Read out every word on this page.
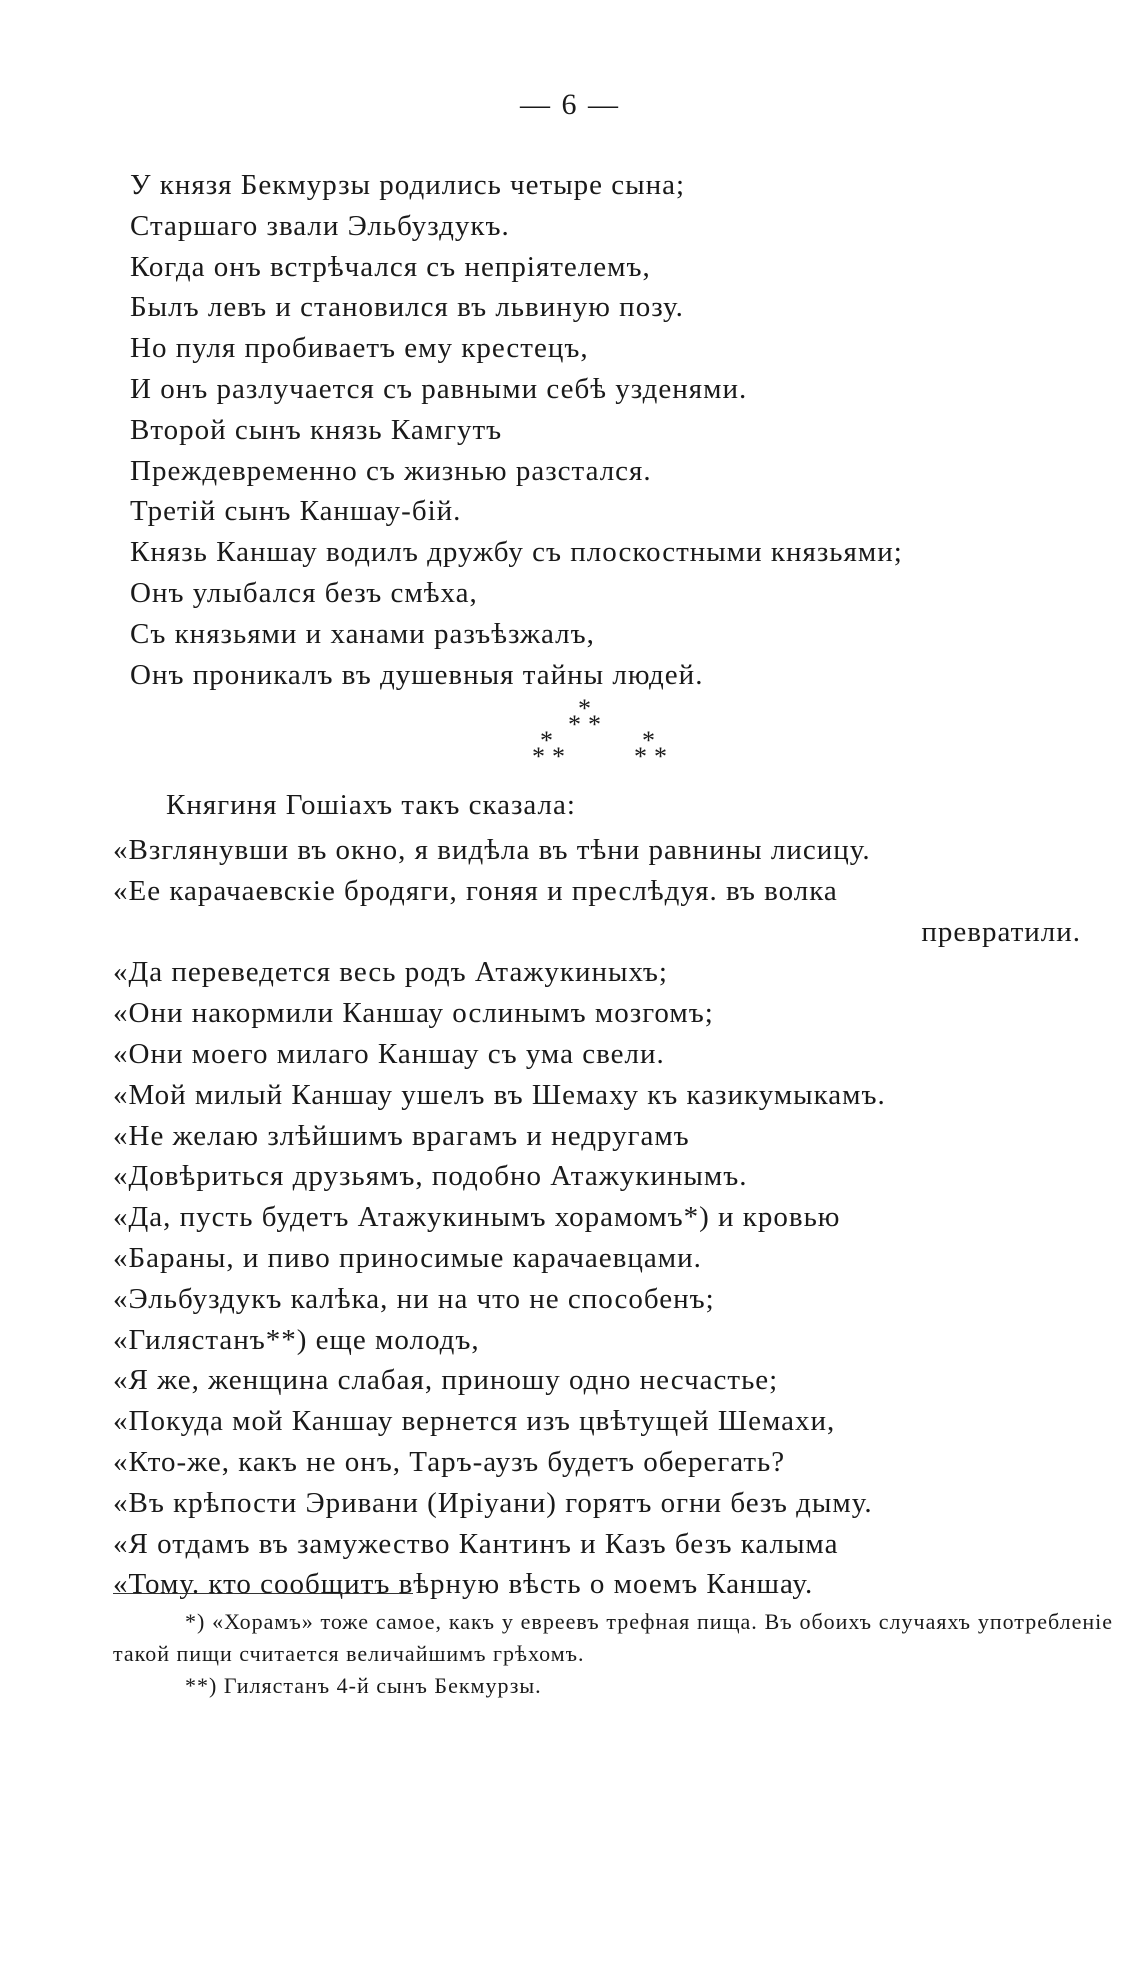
— 6 —
У князя Бекмурзы родились четыре сына;
Старшаго звали Эльбуздукъ.
Когда онъ встрѣчался съ непріятелемъ,
Былъ левъ и становился въ львиную позу.
Но пуля пробиваетъ ему крестецъ,
И онъ разлучается съ равными себѣ узденями.
Второй сынъ князь Камгутъ
Преждевременно съ жизнью разстался.
Третій сынъ Каншау-бій.
Князь Каншау водилъ дружбу съ плоскостными князьями;
Онъ улыбался безъ смѣха,
Съ князьями и ханами разъѣзжалъ,
Онъ проникалъ въ душевныя тайны людей.
*
* *
*
* *
*
* *
Княгиня Гошіахъ такъ сказала:
«Взглянувши въ окно, я видѣла въ тѣни равнины лисицу.
«Ее карачаевскіе бродяги, гоняя и преслѣдуя. въ волка
превратили.
«Да переведется весь родъ Атажукиныхъ;
«Они накормили Каншау ослинымъ мозгомъ;
«Они моего милаго Каншау съ ума свели.
«Мой милый Каншау ушелъ въ Шемаху къ казикумыкамъ.
«Не желаю злѣйшимъ врагамъ и недругамъ
«Довѣриться друзьямъ, подобно Атажукинымъ.
«Да, пусть будетъ Атажукинымъ хорамомъ*) и кровью
«Бараны, и пиво приносимые карачаевцами.
«Эльбуздукъ калѣка, ни на что не способенъ;
«Гилястанъ**) еще молодъ,
«Я же, женщина слабая, приношу одно несчастье;
«Покуда мой Каншау вернется изъ цвѣтущей Шемахи,
«Кто-же, какъ не онъ, Таръ-аузъ будетъ оберегать?
«Въ крѣпости Эривани (Иріуани) горятъ огни безъ дыму.
«Я отдамъ въ замужество Кантинъ и Казъ безъ калыма
«Тому. кто сообщитъ вѣрную вѣсть о моемъ Каншау.

*) «Хорамъ» тоже самое, какъ у евреевъ трефная пища. Въ обоихъ случаяхъ употребленіе такой пищи считается величайшимъ грѣхомъ.

**) Гилястанъ 4-й сынъ Бекмурзы.
